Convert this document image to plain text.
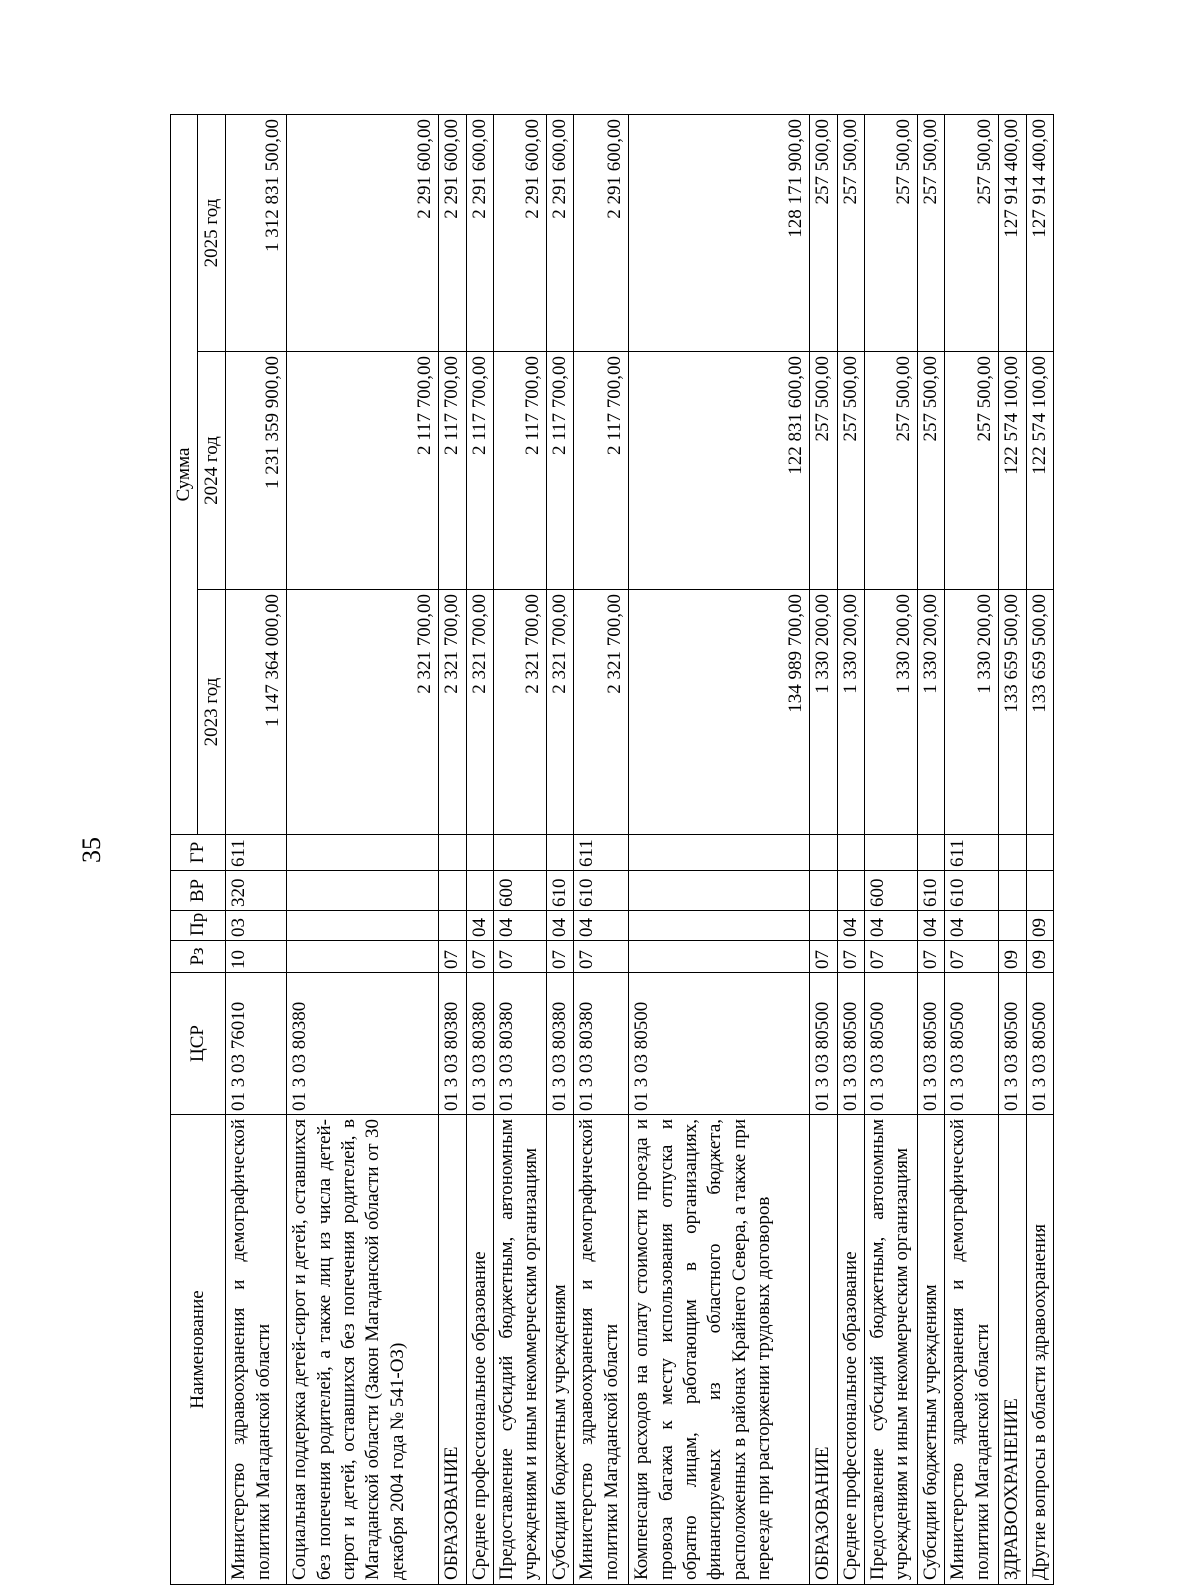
35
Наименование	ЦСР	Рз	Пр	ВР	ГР	Сумма		
						2023 год	2024 год	2025 год
Министерство здравоохранения и демографической политики Магаданской области	01 3 03 76010	10	03	320	611	1 147 364 000,00	1 231 359 900,00	1 312 831 500,00
Социальная поддержка детей-сирот и детей, оставшихся без попечения родителей, а также лиц из числа детей-сирот и детей, оставшихся без попечения родителей, в Магаданской области (Закон Магаданской области от 30 декабря 2004 года № 541-ОЗ)	01 3 03 80380					2 321 700,00	2 117 700,00	2 291 600,00
ОБРАЗОВАНИЕ	01 3 03 80380	07				2 321 700,00	2 117 700,00	2 291 600,00
Среднее профессиональное образование	01 3 03 80380	07	04			2 321 700,00	2 117 700,00	2 291 600,00
Предоставление субсидий бюджетным, автономным учреждениям и иным некоммерческим организациям	01 3 03 80380	07	04	600		2 321 700,00	2 117 700,00	2 291 600,00
Субсидии бюджетным учреждениям	01 3 03 80380	07	04	610		2 321 700,00	2 117 700,00	2 291 600,00
Министерство здравоохранения и демографической политики Магаданской области	01 3 03 80380	07	04	610	611	2 321 700,00	2 117 700,00	2 291 600,00
Компенсация расходов на оплату стоимости проезда и провоза багажа к месту использования отпуска и обратно лицам, работающим в организациях, финансируемых из областного бюджета, расположенных в районах Крайнего Севера, а также при переезде при расторжении трудовых договоров	01 3 03 80500					134 989 700,00	122 831 600,00	128 171 900,00
ОБРАЗОВАНИЕ	01 3 03 80500	07				1 330 200,00	257 500,00	257 500,00
Среднее профессиональное образование	01 3 03 80500	07	04			1 330 200,00	257 500,00	257 500,00
Предоставление субсидий бюджетным, автономным учреждениям и иным некоммерческим организациям	01 3 03 80500	07	04	600		1 330 200,00	257 500,00	257 500,00
Субсидии бюджетным учреждениям	01 3 03 80500	07	04	610		1 330 200,00	257 500,00	257 500,00
Министерство здравоохранения и демографической политики Магаданской области	01 3 03 80500	07	04	610	611	1 330 200,00	257 500,00	257 500,00
ЗДРАВООХРАНЕНИЕ	01 3 03 80500	09				133 659 500,00	122 574 100,00	127 914 400,00
Другие вопросы в области здравоохранения	01 3 03 80500	09	09			133 659 500,00	122 574 100,00	127 914 400,00
